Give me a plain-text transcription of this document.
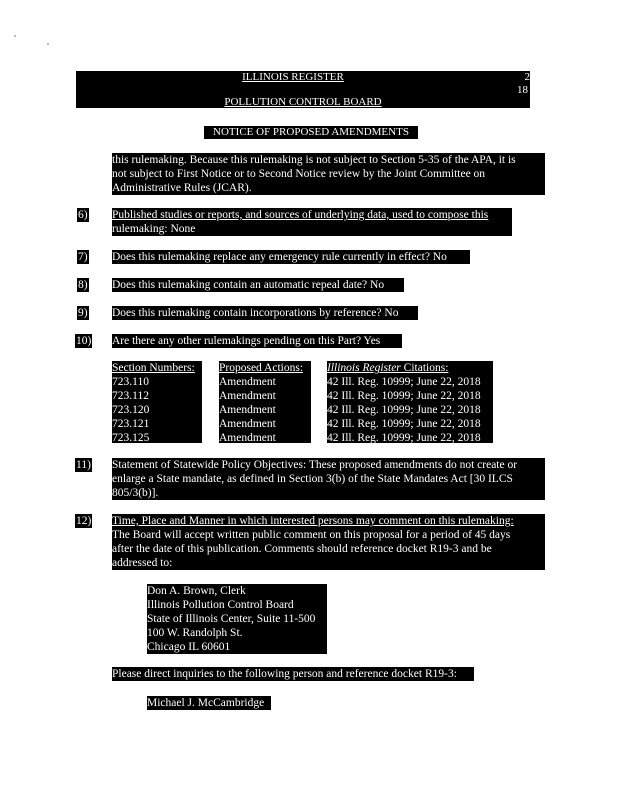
ILLINOIS REGISTER	2
18
POLLUTION CONTROL BOARD
NOTICE OF PROPOSED AMENDMENTS
this rulemaking. Because this rulemaking is not subject to Section 5-35 of the APA, it is
not subject to First Notice or to Second Notice review by the Joint Committee on
Administrative Rules (JCAR).
6) Published studies or reports, and sources of underlying data, used to compose this
rulemaking: None
7) Does this rulemaking replace any emergency rule currently in effect? No
8) Does this rulemaking contain an automatic repeal date? No
9) Does this rulemaking contain incorporations by reference? No
10) Are there any other rulemakings pending on this Part? Yes
Section Numbers:
723.110
723.112
723.120
723.121
723.125
Proposed Actions:
Amendment
Amendment
Amendment
Amendment
Amendment
Illinois Register Citations:
42 Ill. Reg. 10999; June 22, 2018
42 Ill. Reg. 10999; June 22, 2018
42 Ill. Reg. 10999; June 22, 2018
42 Ill. Reg. 10999; June 22, 2018
42 Ill. Reg. 10999; June 22, 2018
11) Statement of Statewide Policy Objectives: These proposed amendments do not create or
enlarge a State mandate, as defined in Section 3(b) of the State Mandates Act [30 ILCS
805/3(b)].
12) Time, Place and Manner in which interested persons may comment on this rulemaking:
The Board will accept written public comment on this proposal for a period of 45 days
after the date of this publication. Comments should reference docket R19-3 and be
addressed to:
Don A. Brown, Clerk
Illinois Pollution Control Board
State of Illinois Center, Suite 11-500
100 W. Randolph St.
Chicago IL 60601
Please direct inquiries to the following person and reference docket R19-3:
Michael J. McCambridge
